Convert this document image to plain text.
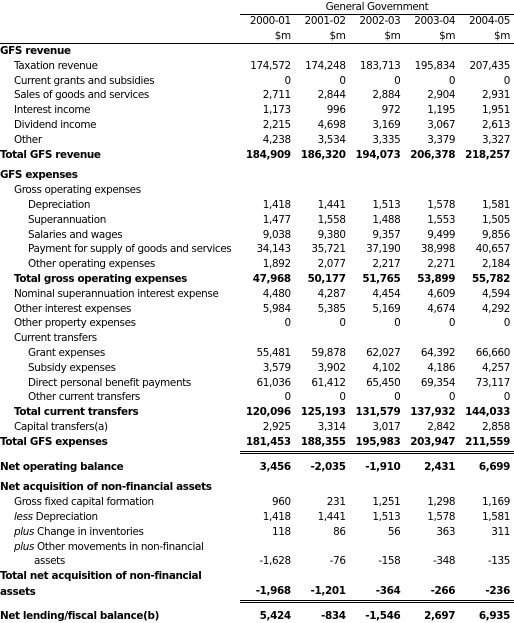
General Government
	2000-01	2001-02	2002-03	2003-04	2004-05
	$m	$m	$m	$m	$m
GFS revenue					
Taxation revenue	174,572	174,248	183,713	195,834	207,435
Current grants and subsidies	0	0	0	0	0
Sales of goods and services	2,711	2,844	2,884	2,904	2,931
Interest income	1,173	996	972	1,195	1,951
Dividend income	2,215	4,698	3,169	3,067	2,613
Other	4,238	3,534	3,335	3,379	3,327
Total GFS revenue	184,909	186,320	194,073	206,378	218,257

GFS expenses					
Gross operating expenses					
Depreciation	1,418	1,441	1,513	1,578	1,581
Superannuation	1,477	1,558	1,488	1,553	1,505
Salaries and wages	9,038	9,380	9,357	9,499	9,856
Payment for supply of goods and services	34,143	35,721	37,190	38,998	40,657
Other operating expenses	1,892	2,077	2,217	2,271	2,184
Total gross operating expenses	47,968	50,177	51,765	53,899	55,782
Nominal superannuation interest expense	4,480	4,287	4,454	4,609	4,594
Other interest expenses	5,984	5,385	5,169	4,674	4,292
Other property expenses	0	0	0	0	0
Current transfers					
Grant expenses	55,481	59,878	62,027	64,392	66,660
Subsidy expenses	3,579	3,902	4,102	4,186	4,257
Direct personal benefit payments	61,036	61,412	65,450	69,354	73,117
Other current transfers	0	0	0	0	0
Total current transfers	120,096	125,193	131,579	137,932	144,033
Capital transfers(a)	2,925	3,314	3,017	2,842	2,858
Total GFS expenses	181,453	188,355	195,983	203,947	211,559

Net operating balance	3,456	-2,035	-1,910	2,431	6,699

Net acquisition of non-financial assets					
Gross fixed capital formation	960	231	1,251	1,298	1,169
less Depreciation	1,418	1,441	1,513	1,578	1,581
plus Change in inventories	118	86	56	363	311
plus Other movements in non-financial					
assets	-1,628	-76	-158	-348	-135
Total net acquisition of non-financial					
assets	-1,968	-1,201	-364	-266	-236

Net lending/fiscal balance(b)	5,424	-834	-1,546	2,697	6,935
